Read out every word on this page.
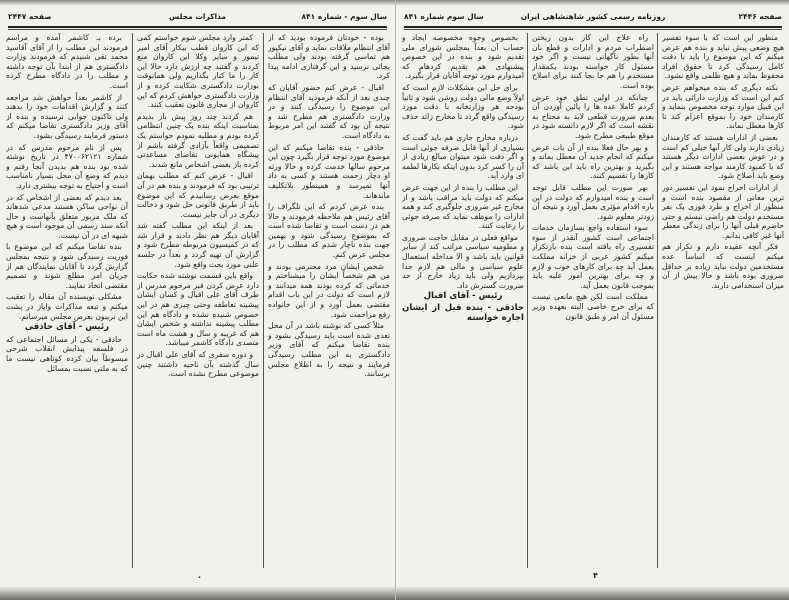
سال سوم - شماره ۸۴۱
مذاکرات مجلس
صفحه ۲۴۴۷

بوده - خودتان فرموده بودید که از آقای انتظام ملاقات نماید و آقای نیکپور هم تماسی گرفته بودند ولی مطلب بجائی نرسید و این گرفتاری ادامه پیدا کرد.

اقبال - عرض کنم حضور آقایان که چندی بعد از آنکه فرمودید آقای انتظام این موضوع را رسیدگی کنند و در وزارت دادگستری هم مطرح شد و نتیجه آن بود که گفتند این امر مربوط به دادگاه است.

حاذقی - بنده تقاضا میکنم که این موضوع مورد توجه قرار بگیرد چون این مرحوم سالها خدمت کرده و حالا ورثه او دچار زحمت هستند و کسی به داد آنها نمیرسد و همینطور بلاتکلیف ماندهاند.

بنده عرض کردم که این تلگراف را آقای رئیس هم ملاحظه فرمودند و حالا هم در دست است و تقاضا شده است که بموضوع رسیدگی شود و بهمین جهت بنده ناچار شدم که مطلب را در مجلس عرض کنم.

شخص ایشان مرد محترمی بودند و من هم شخصاً ایشان را میشناختم و خدماتی که کرده بودند همه میدانند و لازم است که دولت در این باب اقدام مقتضی بعمل آورد و از این خانواده رفع مزاحمت شود.

مثلاً کسی که نوشته باشد در آن محل تعدی شده است باید رسیدگی بشود و بنده تقاضا میکنم که آقای وزیر دادگستری به این مطلب رسیدگی فرمایند و نتیجه را به اطلاع مجلس برسانند.

کمتر وارد مجلس شوم خواستم کمی که این کاروان قطب بیکار آقای امیر تیمور و سایر وکلا این کاروان منع کردند و گفتند چه ارزش دارد حالا این کار را ما کنار بگذاریم ولی همانوقت بوزارت دادگستری شکایت کرده و از وزارت دادگستری خواهش کردم که این کاروان از مجاری قانون تعقیب کنند.

هم کردند چند روز پیش باز بدیدم بمناسبت اینکه بنده یک چنین انتظامی کرده بودم و مطلبه نمودم خواستم یک تصمیمی واقعاً بآزادی گرفته باشم از پیشگاه همایونی تقاضای مساعدتی کرده باز بعضی اشخاص مانع شدند.

اقبال - عرض کنم که مطلب بهمان ترتیبی بود که فرمودند و بنده هم در آن موقع بعرض رسانیدم که این موضوع باید از طریق قانونی حل شود و دخالت دیگری در آن جایز نیست.

بعد از اینکه این مطلب گفته شد آقایان دیگر هم نظر دادند و قرار شد که در کمیسیون مربوطه مطرح شود و گزارش آن تهیه گردد و بعداً در جلسه علنی مورد بحث واقع شود.

واقع باین قسمت نوشته شده حکایت دارد عرض کردن قبر مرحوم مدرس از طرف آقای علی اقبال و کسان ایشان پیشینه تعاطفه وحتی چیزی هم در این خصوص شنیده نشده و دادگاه هم این مطلب پیشینه نداشته و شخص ایشان هم که غریبه و سال و هشت ماه است متصدی دادگاه کاشمر میباشد.

و دوره سفری که آقای علی اقبال در سال گذشته بآن ناحیه داشتند چنین موضوعی مطرح نشده است.

برده بـ کاشمر آمده و مراسم فرمودند این مطلب را از آقای آقاسید محمد تقی شنیدم که فرمودند وزارت دادگستری هم از ابتدا بآن توجه داشته و مطلب را در دادگاه مطرح کرده است.

از کاشمر بعداً خواهش شد مراجعه کنند و گزارش اقدامات خود را بدهند ولی تاکنون جوابی نرسیده و بنده از آقای وزیر دادگستری تقاضا میکنم که دستور فرمایند رسیدگی بشود.

پس از نام مرحوم مدرس که در شماره ۴۷۰۰۶۲۱۲۱ در تاریخ نوشته شده بود بنده هم بدیدن آنجا رفتم و دیدم که وضع آن محل بسیار نامناسب است و احتیاج به توجه بیشتری دارد.

بعد دیدم که بعضی از اشخاص که در آن نواحی ساکن هستند مدعی شدهاند که ملک مزبور متعلق بآنهاست و حال آنکه سند رسمی آن موجود است و هیچ شبهه ای در آن نیست.

بنده تقاضا میکنم که این موضوع با فوریت رسیدگی شود و نتیجه بمجلس گزارش گردد تا آقایان نمایندگان هم از جریان امر مطلع شوند و تصمیم مقتضی اتخاذ نمایند.

مشکلی نویسنده آن مقاله را تعقیب میکنم و تبعه مذاکرات وایاز در پشت این تریبون بعرض مجلس میرسانم.

رئیس - آقای حاذقی

حاذقی - یکی از مسائل اجتماعی که در فلسفه پیدایش انقلاب شرحی مبسوطاً بیان کرده کوتاهی نیست ما که به ملتی نسبت بمسائل

.
صفحه ۲۴۴۶
روزنامه رسمی کشور شاهنشاهی ایران
سال سوم شماره ۸۴۱

منظور این است که با سوء تفسیر هیچ وضعی پیش نیاید و بنده هم عرض میکنم که این موضوع را باید با دقت کامل رسیدگی کرد تا حقوق افراد محفوظ بماند و هیچ ظلمی واقع نشود.

نکته دیگری که بنده میخواهم عرض کنم این است که وزارت دارائی باید در این قبیل موارد توجه مخصوص بنماید و کارمندان خود را بموقع اعزام کند تا کارها معطل نماند.

بعضی از ادارات هستند که کارمندان زیادی دارند ولی کار آنها خیلی کم است و در عوض بعضی ادارات دیگر هستند که با کمبود کارمند مواجه هستند و این وضع باید اصلاح شود.

از ادارات اخراج نمود این تفسیر دور ترین معانی از مقصود بنده است و منظور از اخراج و طرد فوری یک نفر مستخدم دولت هم راضی نیستم و حتی حاضرم قبلی آنها را برای زندگی معطر آنها غیر کافی بدانم.

فکر آنچه عقیده دارم و تکرار هم میکنم اینست که اساساً عده مستخدمین دولت نباید زیاده بر حداقل ضروری بوده باشد و حالا بیش از آن میزان استخدامی دارند.

راه علاج این کار بدون ریختن اضطراب مردم و ادارات و قطع نان آنها بطور ناگهانی نیست و اگر خود مسئول کار خواسته بودند یکمقدار مستخدم را هم جا بجا کنند برای اصلاح بوده است.

چنانکه در اولین نطق خود عرض کردم کاملا عده ها را پائین آوردن آن بعدم ضرورت قطعی لابد به محتاج به نقشه است که اگر لازم دانسته شود در موقع طبیعی مطرح شود.

و بهر حال فعلا بنده از آن باب عرض میکنم که انجام جدید آن معطل بماند و بگیرید و بهترین راه باید این باشد که کارها را تقسیم کنند.

بهر صورت این مطلب قابل توجه است و بنده امیدوارم که دولت در این باره اقدام مؤثری بعمل آورد و نتیجه آن زودتر معلوم شود.

سوء استفاده واجع بسازمان خدمات اجتماعی است کشور آنقدر از سوء تفسیری راه یافته است بنده بازتکرار میکنم کشور عربی از خزانه مملکت بعمل آید چه برای کارهای خوب و لازم و چه برای بهترین امور علیه باید بموجب قانون بعمل آید.

مملکت است لکن هیچ مانعی نیست که برای خرج خاصی البته بعهده وزیر مسئول آن امر و طبق قانون

بخصوص وجوه مخصوصه ایجاد و حساب آن بعداً بمجلس شورای ملی تقدیم شود و بنده در این خصوص پیشنهادی هم تقدیم کردهام که امیدوارم مورد توجه آقایان قرار بگیرد.

برای حل این مشکلات لازم است که اولاً وضع مالی دولت روشن شود و ثانیاً بودجه هر وزارتخانه با دقت مورد رسیدگی واقع گردد تا مخارج زائد حذف شود.

درباره مخارج جاری هم باید گفت که بسیاری از آنها قابل صرفه جوئی است و اگر دقت شود میتوان مبالغ زیادی از آن را کسر کرد بدون اینکه بکارها لطمه ای وارد آید.

این مطلب را بنده از این جهت عرض میکنم که دولت باید مراقب باشد و از مخارج غیر ضروری جلوگیری کند و همه ادارات را موظف نماید که صرفه جوئی را رعایت کنند.

مواقع فعلی در مقابل حاجت ضروری و مطومیه سیاسی مراتب کند از سایر قوانین باید باشد و الا مداخله استعمال علوم سیاسی و مالی هم لازم جدا بپردازیم ولی باید زیاد خارج از حد ضرورت گسترش داد.

رئیس - آقای اقبال

حاذقی - بنده قبل از ایشان اجازه خواسته

۴
